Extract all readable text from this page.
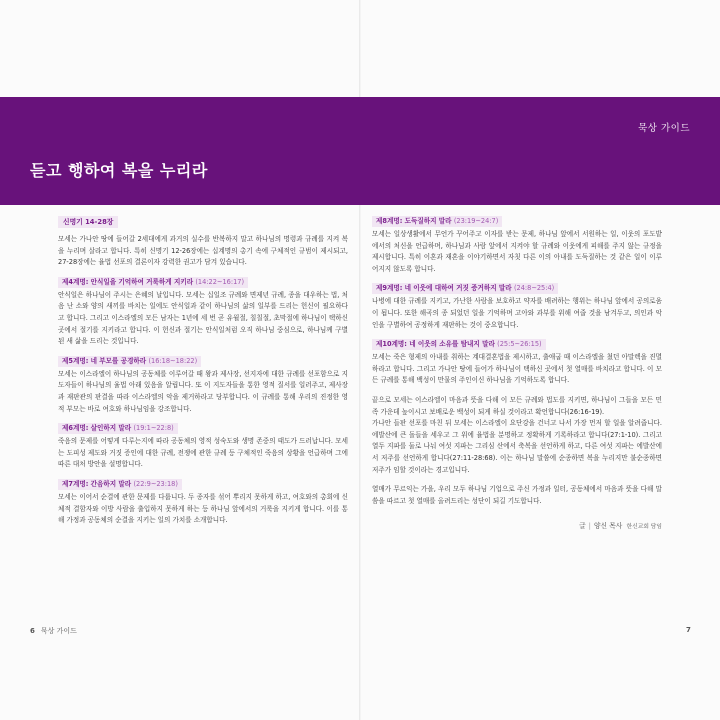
묵상 가이드
듣고 행하여 복을 누리라
신명기 14-28장

모세는 가나안 땅에 들어갈 2세대에게 과거의 실수를 반복하지 말고 하나님의 명령과 규례를 지켜 복을 누리며 살라고 합니다. 특히 신명기 12-26장에는 십계명의 총기 속에 구체적인 규범이 제시되고, 27-28장에는 율법 선포의 결론이자 강력한 권고가 담겨 있습니다.

제4계명: 안식일을 기억하여 거룩하게 지키라 (14:22~16:17)

안식일은 하나님이 주시는 은혜의 날입니다. 모세는 십일조 규례와 면제년 규례, 종을 대우하는 법, 처음 난 소와 양의 새끼를 바치는 일에도 안식일과 같이 하나님의 삶의 일부를 드리는 헌신이 필요하다고 합니다. 그리고 이스라엘의 모든 남자는 1년에 세 번 곧 유월절, 칠칠절, 초막절에 하나님이 택하신 곳에서 절기를 지키라고 합니다. 이 헌신과 절기는 안식일처럼 오직 하나님 중심으로, 하나님께 구별된 새 삶을 드리는 것입니다.

제5계명: 네 부모를 공경하라 (16:18~18:22)

모세는 이스라엘이 하나님의 공동체를 이루어갈 때 왕과 제사장, 선지자에 대한 규례를 선포함으로 지도자들이 하나님의 율법 아래 있음을 알립니다. 또 이 지도자들을 통한 영적 질서를 일러주고, 제사장과 재판관의 판결을 따라 이스라엘의 악을 제거하라고 당부합니다. 이 규례를 통해 우리의 진정한 영적 부모는 바로 여호와 하나님임을 강조합니다.

제6계명: 살인하지 말라 (19:1~22:8)

죽음의 문제를 어떻게 다루는지에 따라 공동체의 영적 성숙도와 생명 존중의 태도가 드러납니다. 모세는 도피성 제도와 거짓 증인에 대한 규례, 전쟁에 관한 규례 등 구체적인 죽음의 상황을 언급하며 그에 따른 대처 방안을 설명합니다.

제7계명: 간음하지 말라 (22:9~23:18)

모세는 이어서 순결에 관한 문제를 다룹니다. 두 종자를 섞어 뿌리지 못하게 하고, 여호와의 총회에 신체적 결함자와 이방 사람을 출입하지 못하게 하는 등 하나님 앞에서의 거룩을 지키게 합니다. 이를 통해 가정과 공동체의 순결을 지키는 일의 가치를 소개합니다.

제8계명: 도둑질하지 말라 (23:19~24:7)

모세는 일상생활에서 무언가 꾸어주고 이자를 받는 문제, 하나님 앞에서 서원하는 일, 이웃의 포도밭에서의 처신을 언급하며, 하나님과 사람 앞에서 지켜야 할 규례와 이웃에게 피해를 주지 않는 규정을 제시합니다. 특히 이혼과 재혼을 이야기하면서 자칫 다른 이의 아내를 도둑질하는 것 같은 일이 이루어지지 않도록 합니다.

제9계명: 네 이웃에 대하여 거짓 증거하지 말라 (24:8~25:4)

나병에 대한 규례를 지키고, 가난한 사람을 보호하고 약자를 배려하는 행위는 하나님 앞에서 공의로움이 됩니다. 또한 해곡의 종 되었던 일을 기억하며 고아와 과부를 위해 여줍 것을 남겨두고, 의인과 악인을 구별하여 공정하게 재판하는 것이 중요합니다.

제10계명: 네 이웃의 소유를 탐내지 말라 (25:5~26:15)

모세는 죽은 형제의 아내를 취하는 계대결혼법을 제시하고, 출애굽 때 이스라엘을 쳤던 아말렉을 진멸하라고 합니다. 그리고 가나안 땅에 들어가 하나님이 택하신 곳에서 첫 열매를 바치라고 합니다. 이 모든 규례를 통해 백성이 만물의 주인이신 하나님을 기억하도록 합니다.

끝으로 모세는 이스라엘이 마음과 뜻을 다해 이 모든 규례와 법도를 지키면, 하나님이 그들을 모든 민족 가운데 높이시고 보배로운 백성이 되게 하실 것이라고 확언합니다(26:16-19).

가나안 들판 선포를 마친 뒤 모세는 이스라엘이 요단강을 건너고 나서 가장 먼저 할 일을 알려줍니다. 에발산에 큰 돌들을 세우고 그 위에 율법을 분명하고 정확하게 기록하라고 합니다(27:1-10). 그리고 열두 지파를 둘로 나눠 여섯 지파는 그리심 산에서 축복을 선언하게 하고, 다른 여섯 지파는 에발산에서 저주를 선언하게 합니다(27:11-28:68). 이는 하나님 말씀에 순종하면 복을 누리지만 불순종하면 저주가 임할 것이라는 경고입니다.

열매가 무르익는 가을, 우리 모두 하나님 기업으로 주신 가정과 일터, 공동체에서 마음과 뜻을 다해 말씀을 따르고 첫 열매를 올려드리는 성단이 되길 기도합니다.

글 | 양신 목사 한신교회 담임
6 묵상 가이드	7
